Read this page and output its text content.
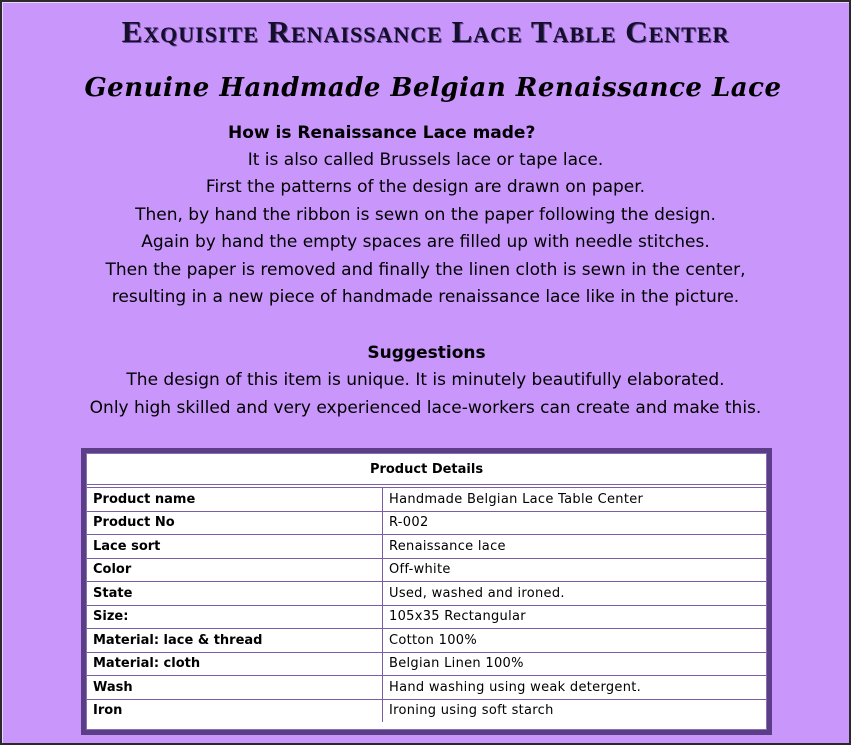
Exquisite Renaissance Lace Table Center
Genuine Handmade Belgian Renaissance Lace
How is Renaissance Lace made?

It is also called Brussels lace or tape lace.

First the patterns of the design are drawn on paper.

Then, by hand the ribbon is sewn on the paper following the design.

Again by hand the empty spaces are filled up with needle stitches.

Then the paper is removed and finally the linen cloth is sewn in the center,

resulting in a new piece of handmade renaissance lace like in the picture.

Suggestions

The design of this item is unique. It is minutely beautifully elaborated.

Only high skilled and very experienced lace-workers can create and make this.

Product Details	

Product name	Handmade Belgian Lace Table Center
Product No	R-002
Lace sort	Renaissance lace
Color	Off-white
State	Used, washed and ironed.
Size:	105x35 Rectangular
Material: lace & thread	Cotton 100%
Material: cloth	Belgian Linen 100%
Wash	Hand washing using weak detergent.
Iron	Ironing using soft starch
